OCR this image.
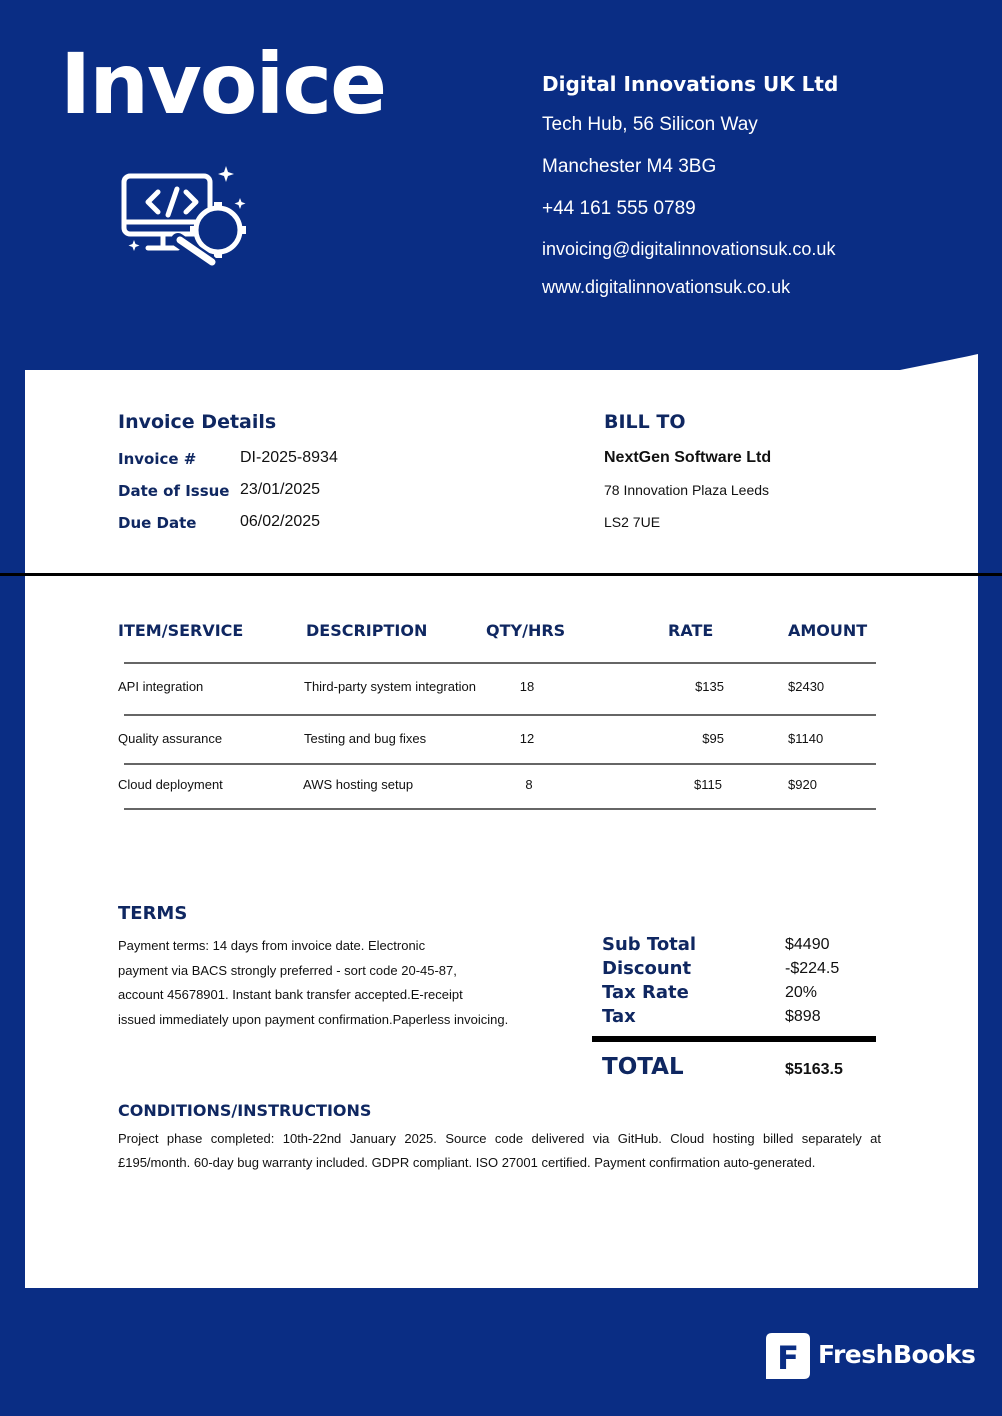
Invoice	Digital Innovations UK Ltd
Tech Hub, 56 Silicon Way
Manchester M4 3BG
+44 161 555 0789
invoicing@digitalinnovationsuk.co.uk
www.digitalinnovationsuk.co.uk
Invoice Details
Invoice #	DI-2025-8934
Date of Issue 23/01/2025
Due Date	06/02/2025
BILL TO
NextGen Software Ltd
78 Innovation Plaza Leeds
LS2 7UE
ITEM/SERVICE	DESCRIPTION	QTY/HRS	RATE	AMOUNT
API integration	Third-party system integration	18	$135	$2430
Quality assurance	Testing and bug fixes	12	$95	$1140
Cloud deployment	AWS hosting setup	8	$115	$920
TERMS
Payment terms: 14 days from invoice date. Electronic
payment via BACS strongly preferred - sort code 20-45-87,
account 45678901. Instant bank transfer accepted.E-receipt
issued immediately upon payment confirmation.Paperless invoicing.
Sub Total	$4490
Discount	-$224.5
Tax Rate	20%
Tax	$898
TOTAL	$5163.5
CONDITIONS/INSTRUCTIONS
Project phase completed: 10th-22nd January 2025. Source code delivered via GitHub. Cloud hosting billed separately at
£195/month. 60-day bug warranty included. GDPR compliant. ISO 27001 certified. Payment confirmation auto-generated.
F FreshBooks
